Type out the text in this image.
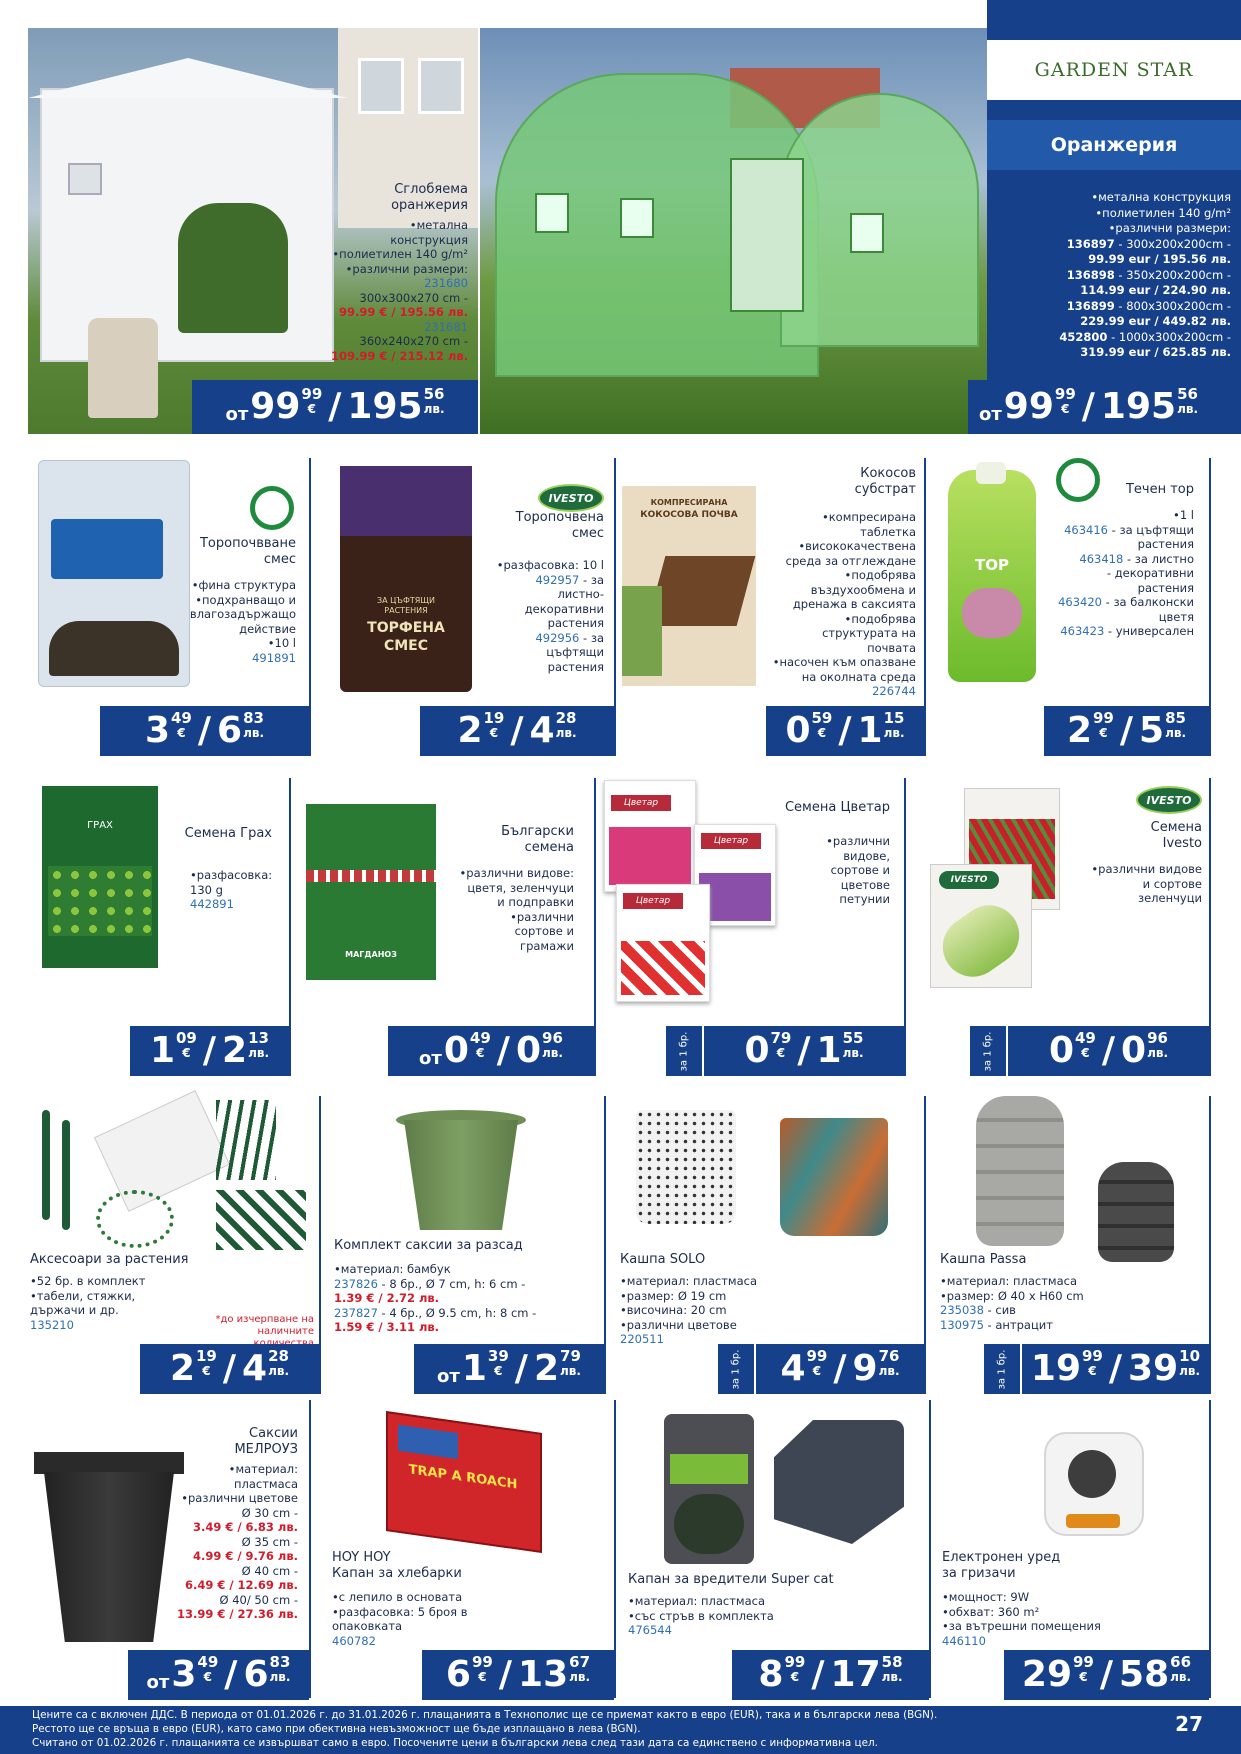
Сглобяема
оранжерия
•метална
конструкция
•полиетилен 140 g/m²
•различни размери:
231680
300x300x270 cm -
99.99 € / 195.56 лв.
231681
360x240x270 cm -
109.99 € / 215.12 лв.
GARDEN STAR
Оранжерия
•метална конструкция
•полиетилен 140 g/m²
•различни размери:
136897 - 300x200x200cm -
99.99 eur / 195.56 лв.
136898 - 350x200x200cm -
114.99 eur / 224.90 лв.
136899 - 800x300x200cm -
229.99 eur / 449.82 лв.
452800 - 1000x300x200cm -
319.99 eur / 625.85 лв.
от 99 99
€ / 195 56
лв.	от 99 99
€ / 195 56
лв.
Торопочвване
смес
•фина структура
•подхранващо и
влагозадържащо
действие
•10 l
491891
3 49
€ / 6 83
лв.
ЗА ЦЪФТЯЩИ
РАСТЕНИЯ
ТОРФЕНА
СМЕС
IVESTO
Торопочвена
смес
•разфасовка: 10 l
492957 - за
листно-
декоративни
растения
492956 - за
цъфтящи
растения
2 19
€ / 4 28
лв.
КОМПРЕСИРАНА
КОКОСОВА ПОЧВА
Кокосов
субстрат
•компресирана
таблетка
•висококачествена
среда за отглеждане
•подобрява
въздухообмена и
дренажа в саксията
•подобрява
структурата на
почвата
•насочен към опазване
на околната среда
226744
0 59
€ / 1 15
лв.
TOP
Течен тор
•1 l
463416 - за цъфтящи
растения
463418 - за листно
- декоративни
растения
463420 - за балконски
цветя
463423 - универсален
2 99
€ / 5 85
лв.
ГРАХ
Семена Грах
•разфасовка:
130 g
442891
1 09
€ / 2 13
лв.
МАГДАНОЗ
Български
семена
•различни видове:
цветя, зеленчуци
и подправки
•различни
сортове и
грамажи
от 0 49
€ / 0 96
лв.
Цветар
Цветар
Цветар
Семена Цветар
•различни
видове,
сортове и
цветове
петунии
за 1 бр. 0 79
€ / 1 55
лв.
IVESTO
IVESTO
Семена
Ivesto
•различни видове
и сортове
зеленчуци
за 1 бр. 0 49
€ / 0 96
лв.
Аксесоари за растения
•52 бр. в комплект
•табели, стяжки,
държачи и др.
135210	*до изчерпване на
наличните
2 19
€ / 4 28
лв.
Комплект саксии за разсад
•материал: бамбук
237826 - 8 бр., Ø 7 cm, h: 6 cm -
1.39 € / 2.72 лв.
237827 - 4 бр., Ø 9.5 cm, h: 8 cm -
1.59 € / 3.11 лв.
от 1 39
€ / 2 79
лв.
Кашпа SOLO
•материал: пластмаса
•размер: Ø 19 cm
•височина: 20 cm
•различни цветове
220511
за 1 бр. 4 99
€ / 9 76
лв.
Кашпа Passa
•материал: пластмаса
•размер: Ø 40 x H60 cm
235038 - сив
130975 - антрацит
за 1 бр. 19 99
€ / 39 10
лв.
Саксии
МЕЛРОУЗ
•материал:
пластмаса
•различни цветове
Ø 30 cm -
3.49 € / 6.83 лв.
Ø 35 cm -
4.99 € / 9.76 лв.
Ø 40 cm -
6.49 € / 12.69 лв.
Ø 40/ 50 cm -
13.99 € / 27.36 лв.
от 3 49
€ / 6 83
лв.
TRAP A ROACH
HOY HOY
Капан за хлебарки
•с лепило в основата
•разфасовка: 5 броя в
опаковката
460782
6 99
€ / 13 67
лв.
Капан за вредители Super cat
•материал: пластмаса
•със стръв в комплекта
476544
8 99
€ / 17 58
лв.
Електронен уред
за гризачи
•мощност: 9W
•обхват: 360 m²
•за вътрешни помещения
446110
29 99
€ / 58 66
лв.
Цените са с включен ДДС. В периода от 01.01.2026 г. до 31.01.2026 г. плащанията в Технополис ще се приемат както в евро (EUR), така и в български лева (BGN).
Рестото ще се връща в евро (EUR), като само при обективна невъзможност ще бъде изплащано в лева (BGN).
Считано от 01.02.2026 г. плащанията се извършват само в евро. Посочените цени в български лева след тази дата са единствено с информативна цел.
27
